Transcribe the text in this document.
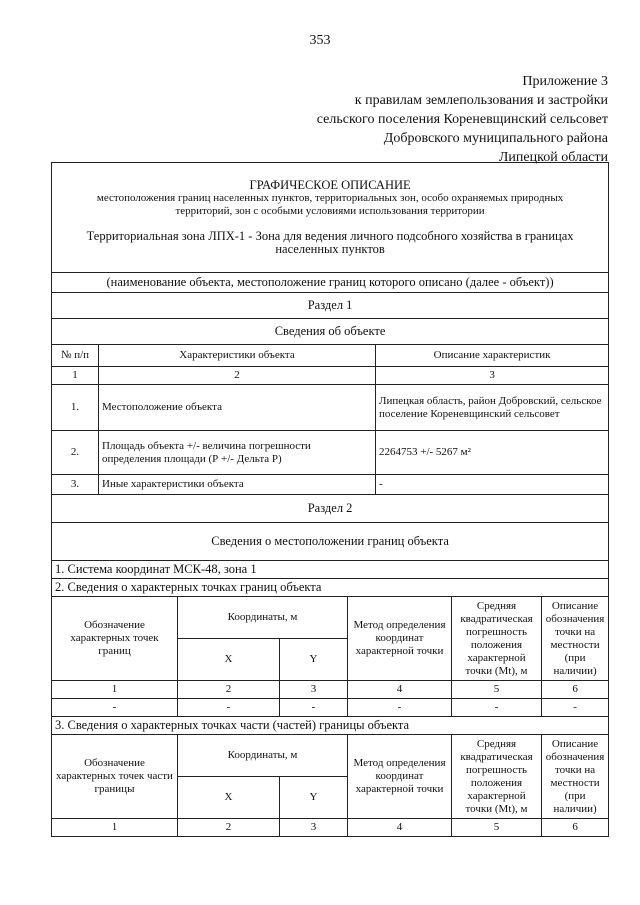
353
Приложение 3
к правилам землепользования и застройки
сельского поселения Кореневщинский сельсовет
Добровского муниципального района
Липецкой области
ГРАФИЧЕСКОЕ ОПИСАНИЕ
местоположения границ населенных пунктов, территориальных зон, особо охраняемых природных территорий, зон с особыми условиями использования территории
Территориальная зона ЛПХ-1 - Зона для ведения личного подсобного хозяйства в границах населенных пунктов							

(наименование объекта, местоположение границ которого описано (далее - объект))							
Раздел 1							
Сведения об объекте							
№ п/п	Характеристики объекта				Описание характеристик		
1	2				3		
1.	Местоположение объекта				Липецкая область, район Добровский, сельское поселение Кореневщинский сельсовет		
2.	Площадь объекта +/- величина погрешности определения площади (Р +/- Дельта Р)				2264753 +/- 5267 м²		
3.	Иные характеристики объекта				-		
Раздел 2							
Сведения о местоположении границ объекта							
1. Система координат МСК-48, зона 1							
2. Сведения о характерных точках границ объекта							
Обозначение характерных точек границ		Координаты, м		Метод определения координат характерной точки		Средняя квадратическая погрешность положения характерной точки (Mt), м	Описание обозначения точки на местности (при наличии)
		X	Y				
1		2	3	4		5	6
-		-	-	-		-	-
3. Сведения о характерных точках части (частей) границы объекта							
Обозначение характерных точек части границы		Координаты, м		Метод определения координат характерной точки		Средняя квадратическая погрешность положения характерной точки (Mt), м	Описание обозначения точки на местности (при наличии)
		X	Y				
1		2	3	4		5	6
